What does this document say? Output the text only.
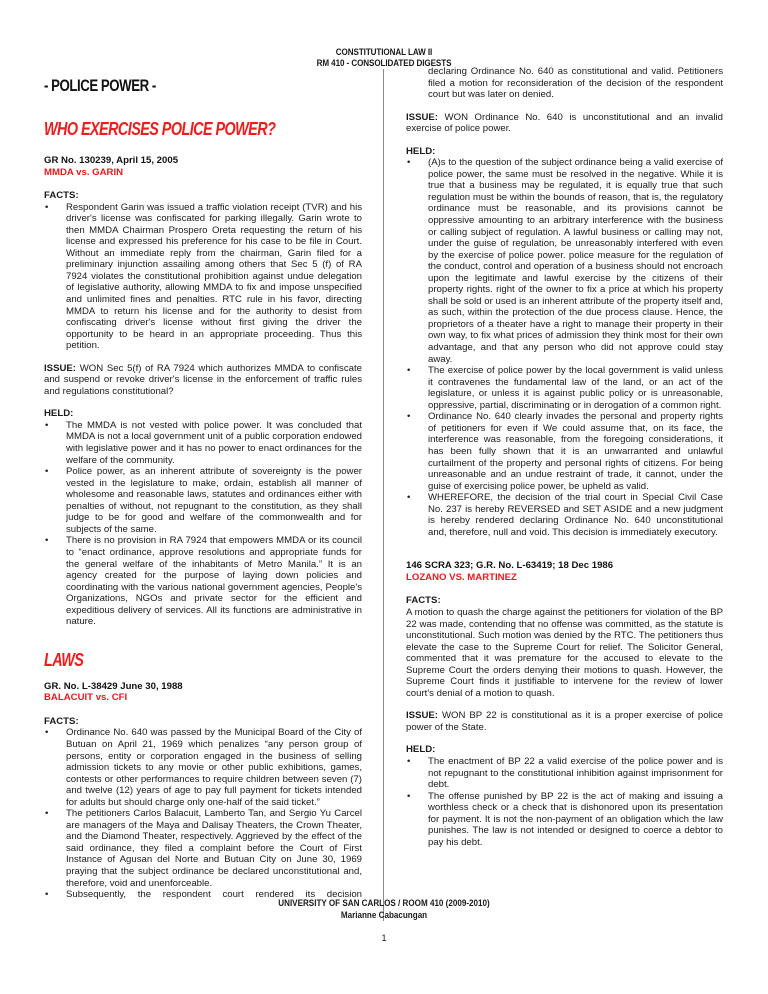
CONSTITUTIONAL LAW II
RM 410 - CONSOLIDATED DIGESTS
- POLICE POWER -
WHO EXERCISES POLICE POWER?
GR No. 130239, April 15, 2005
MMDA vs. GARIN
FACTS:
• Respondent Garin was issued a traffic violation receipt (TVR) and his driver's license was confiscated for parking illegally. Garin wrote to then MMDA Chairman Prospero Oreta requesting the return of his license and expressed his preference for his case to be file in Court. Without an immediate reply from the chairman, Garin filed for a preliminary injunction assailing among others that Sec 5 (f) of RA 7924 violates the constitutional prohibition against undue delegation of legislative authority, allowing MMDA to fix and impose unspecified and unlimited fines and penalties. RTC rule in his favor, directing MMDA to return his license and for the authority to desist from confiscating driver's license without first giving the driver the opportunity to be heard in an appropriate proceeding. Thus this petition.

ISSUE: WON Sec 5(f) of RA 7924 which authorizes MMDA to confiscate and suspend or revoke driver's license in the enforcement of traffic rules and regulations constitutional?

HELD:
• The MMDA is not vested with police power. It was concluded that MMDA is not a local government unit of a public corporation endowed with legislative power and it has no power to enact ordinances for the welfare of the community.
• Police power, as an inherent attribute of sovereignty is the power vested in the legislature to make, ordain, establish all manner of wholesome and reasonable laws, statutes and ordinances either with penalties of without, not repugnant to the constitution, as they shall judge to be for good and welfare of the commonwealth and for subjects of the same.
• There is no provision in RA 7924 that empowers MMDA or its council to “enact ordinance, approve resolutions and appropriate funds for the general welfare of the inhabitants of Metro Manila.” It is an agency created for the purpose of laying down policies and coordinating with the various national government agencies, People's Organizations, NGOs and private sector for the efficient and expeditious delivery of services. All its functions are administrative in nature.
LAWS
GR. No. L-38429 June 30, 1988
BALACUIT vs. CFI
FACTS:
• Ordinance No. 640 was passed by the Municipal Board of the City of Butuan on April 21, 1969 which penalizes “any person group of persons, entity or corporation engaged in the business of selling admission tickets to any movie or other public exhibitions, games, contests or other performances to require children between seven (7) and twelve (12) years of age to pay full payment for tickets intended for adults but should charge only one-half of the said ticket.”
• The petitioners Carlos Balacuit, Lamberto Tan, and Sergio Yu Carcel are managers of the Maya and Dalisay Theaters, the Crown Theater, and the Diamond Theater, respectively. Aggrieved by the effect of the said ordinance, they filed a complaint before the Court of First Instance of Agusan del Norte and Butuan City on June 30, 1969 praying that the subject ordinance be declared unconstitutional and, therefore, void and unenforceable.
• Subsequently, the respondent court rendered its decision

declaring Ordinance No. 640 as constitutional and valid. Petitioners filed a motion for reconsideration of the decision of the respondent court but was later on denied.

ISSUE: WON Ordinance No. 640 is unconstitutional and an invalid exercise of police power.

HELD:
• (A)s to the question of the subject ordinance being a valid exercise of police power, the same must be resolved in the negative. While it is true that a business may be regulated, it is equally true that such regulation must be within the bounds of reason, that is, the regulatory ordinance must be reasonable, and its provisions cannot be oppressive amounting to an arbitrary interference with the business or calling subject of regulation. A lawful business or calling may not, under the guise of regulation, be unreasonably interfered with even by the exercise of police power. police measure for the regulation of the conduct, control and operation of a business should not encroach upon the legitimate and lawful exercise by the citizens of their property rights. right of the owner to fix a price at which his property shall be sold or used is an inherent attribute of the property itself and, as such, within the protection of the due process clause. Hence, the proprietors of a theater have a right to manage their property in their own way, to fix what prices of admission they think most for their own advantage, and that any person who did not approve could stay away.
• The exercise of police power by the local government is valid unless it contravenes the fundamental law of the land, or an act of the legislature, or unless it is against public policy or is unreasonable, oppressive, partial, discriminating or in derogation of a common right.
• Ordinance No. 640 clearly invades the personal and property rights of petitioners for even if We could assume that, on its face, the interference was reasonable, from the foregoing considerations, it has been fully shown that it is an unwarranted and unlawful curtailment of the property and personal rights of citizens. For being unreasonable and an undue restraint of trade, it cannot, under the guise of exercising police power, be upheld as valid.
• WHEREFORE, the decision of the trial court in Special Civil Case No. 237 is hereby REVERSED and SET ASIDE and a new judgment is hereby rendered declaring Ordinance No. 640 unconstitutional and, therefore, null and void. This decision is immediately executory.
146 SCRA 323; G.R. No. L-63419; 18 Dec 1986
LOZANO VS. MARTINEZ
FACTS:

A motion to quash the charge against the petitioners for violation of the BP 22 was made, contending that no offense was committed, as the statute is unconstitutional. Such motion was denied by the RTC. The petitioners thus elevate the case to the Supreme Court for relief. The Solicitor General, commented that it was premature for the accused to elevate to the Supreme Court the orders denying their motions to quash. However, the Supreme Court finds it justifiable to intervene for the review of lower court's denial of a motion to quash.

ISSUE: WON BP 22 is constitutional as it is a proper exercise of police power of the State.

HELD:
• The enactment of BP 22 a valid exercise of the police power and is not repugnant to the constitutional inhibition against imprisonment for debt.
• The offense punished by BP 22 is the act of making and issuing a worthless check or a check that is dishonored upon its presentation for payment. It is not the non-payment of an obligation which the law punishes. The law is not intended or designed to coerce a debtor to pay his debt.
UNIVERSITY OF SAN CARLOS / ROOM 410 (2009-2010)
Marianne Cabacungan
1
